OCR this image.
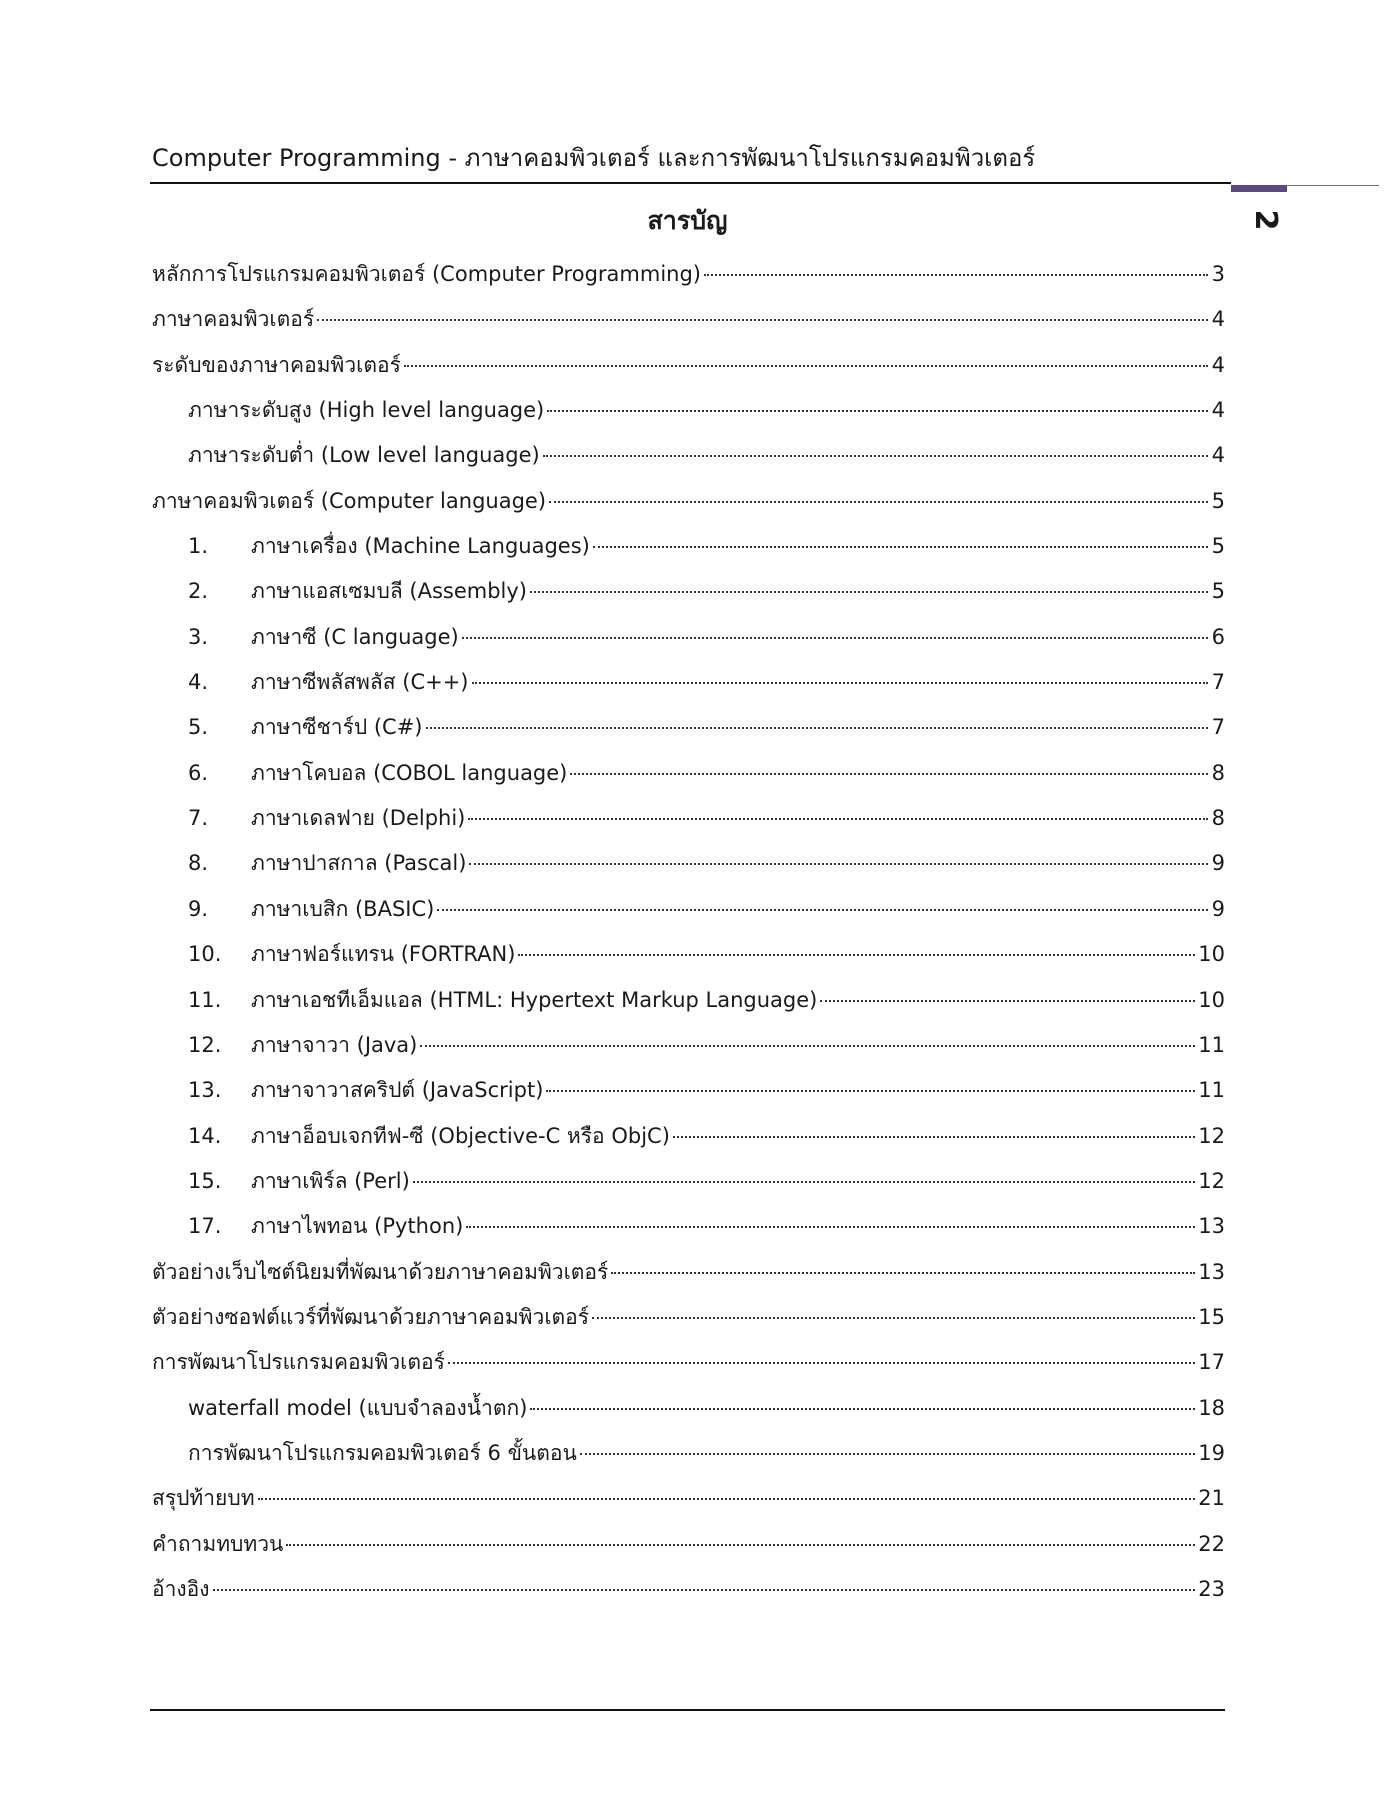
Computer Programming - ภาษาคอมพิวเตอร์ และการพัฒนาโปรแกรมคอมพิวเตอร์
2
สารบัญ
หลักการโปรแกรมคอมพิวเตอร์ (Computer Programming)	3
ภาษาคอมพิวเตอร์	4
ระดับของภาษาคอมพิวเตอร์	4
ภาษาระดับสูง (High level language)	4
ภาษาระดับต่ำ (Low level language)	4
ภาษาคอมพิวเตอร์ (Computer language)	5
1.	ภาษาเครื่อง (Machine Languages)	5
2.	ภาษาแอสเซมบลี (Assembly)	5
3.	ภาษาซี (C language)	6
4.	ภาษาซีพลัสพลัส (C++)	7
5.	ภาษาซีชาร์ป (C#)	7
6.	ภาษาโคบอล (COBOL language)	8
7.	ภาษาเดลฟาย (Delphi)	8
8.	ภาษาปาสกาล (Pascal)	9
9.	ภาษาเบสิก (BASIC)	9
10.	ภาษาฟอร์แทรน (FORTRAN)	10
11.	ภาษาเอชทีเอ็มแอล (HTML: Hypertext Markup Language)	10
12.	ภาษาจาวา (Java)	11
13.	ภาษาจาวาสคริปต์ (JavaScript)	11
14.	ภาษาอ็อบเจกทีฟ-ซี (Objective-C หรือ ObjC)	12
15.	ภาษาเพิร์ล (Perl)	12
17.	ภาษาไพทอน (Python)	13
ตัวอย่างเว็บไซต์นิยมที่พัฒนาด้วยภาษาคอมพิวเตอร์	13
ตัวอย่างซอฟต์แวร์ที่พัฒนาด้วยภาษาคอมพิวเตอร์	15
การพัฒนาโปรแกรมคอมพิวเตอร์	17
waterfall model (แบบจำลองน้ำตก)	18
การพัฒนาโปรแกรมคอมพิวเตอร์ 6 ขั้นตอน	19
สรุปท้ายบท	21
คำถามทบทวน	22
อ้างอิง	23
